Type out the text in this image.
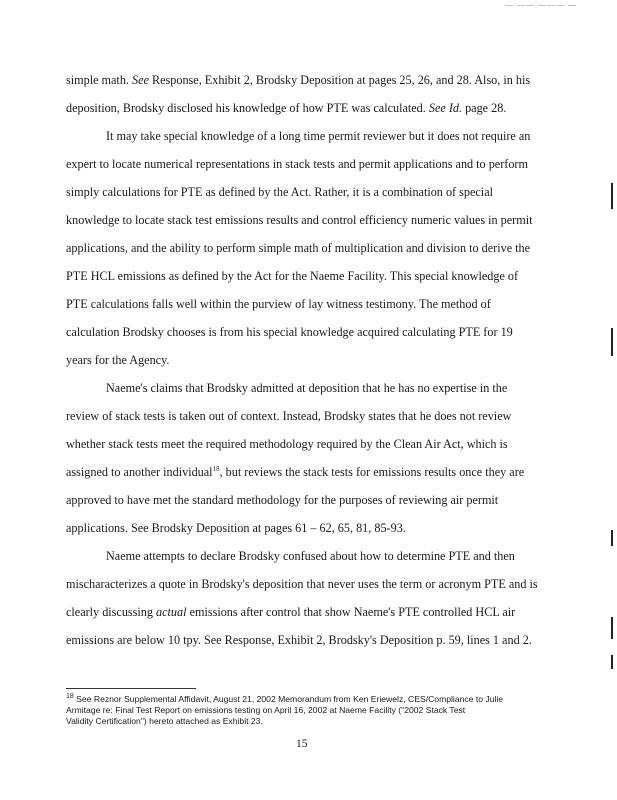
— —— ——— —
simple math. See Response, Exhibit 2, Brodsky Deposition at pages 25, 26, and 28. Also, in his
deposition, Brodsky disclosed his knowledge of how PTE was calculated. See Id. page 28.
It may take special knowledge of a long time permit reviewer but it does not require an
expert to locate numerical representations in stack tests and permit applications and to perform
simply calculations for PTE as defined by the Act. Rather, it is a combination of special
knowledge to locate stack test emissions results and control efficiency numeric values in permit
applications, and the ability to perform simple math of multiplication and division to derive the
PTE HCL emissions as defined by the Act for the Naeme Facility. This special knowledge of
PTE calculations falls well within the purview of lay witness testimony. The method of
calculation Brodsky chooses is from his special knowledge acquired calculating PTE for 19
years for the Agency.
Naeme's claims that Brodsky admitted at deposition that he has no expertise in the
review of stack tests is taken out of context. Instead, Brodsky states that he does not review
whether stack tests meet the required methodology required by the Clean Air Act, which is
assigned to another individual$^{18}$, but reviews the stack tests for emissions results once they are
approved to have met the standard methodology for the purposes of reviewing air permit
applications. See Brodsky Deposition at pages 61 – 62, 65, 81, 85-93.
Naeme attempts to declare Brodsky confused about how to determine PTE and then
mischaracterizes a quote in Brodsky's deposition that never uses the term or acronym PTE and is
clearly discussing actual emissions after control that show Naeme's PTE controlled HCL air
emissions are below 10 tpy. See Response, Exhibit 2, Brodsky's Deposition p. 59, lines 1 and 2.
$^{18}$ See Reznor Supplemental Affidavit, August 21, 2002 Memorandum from Ken Eriewelz, CES/Compliance to Julie
Armitage re: Final Test Report on emissions testing on April 16, 2002 at Naeme Facility ("2002 Stack Test
Validity Certification") hereto attached as Exhibit 23.
15
